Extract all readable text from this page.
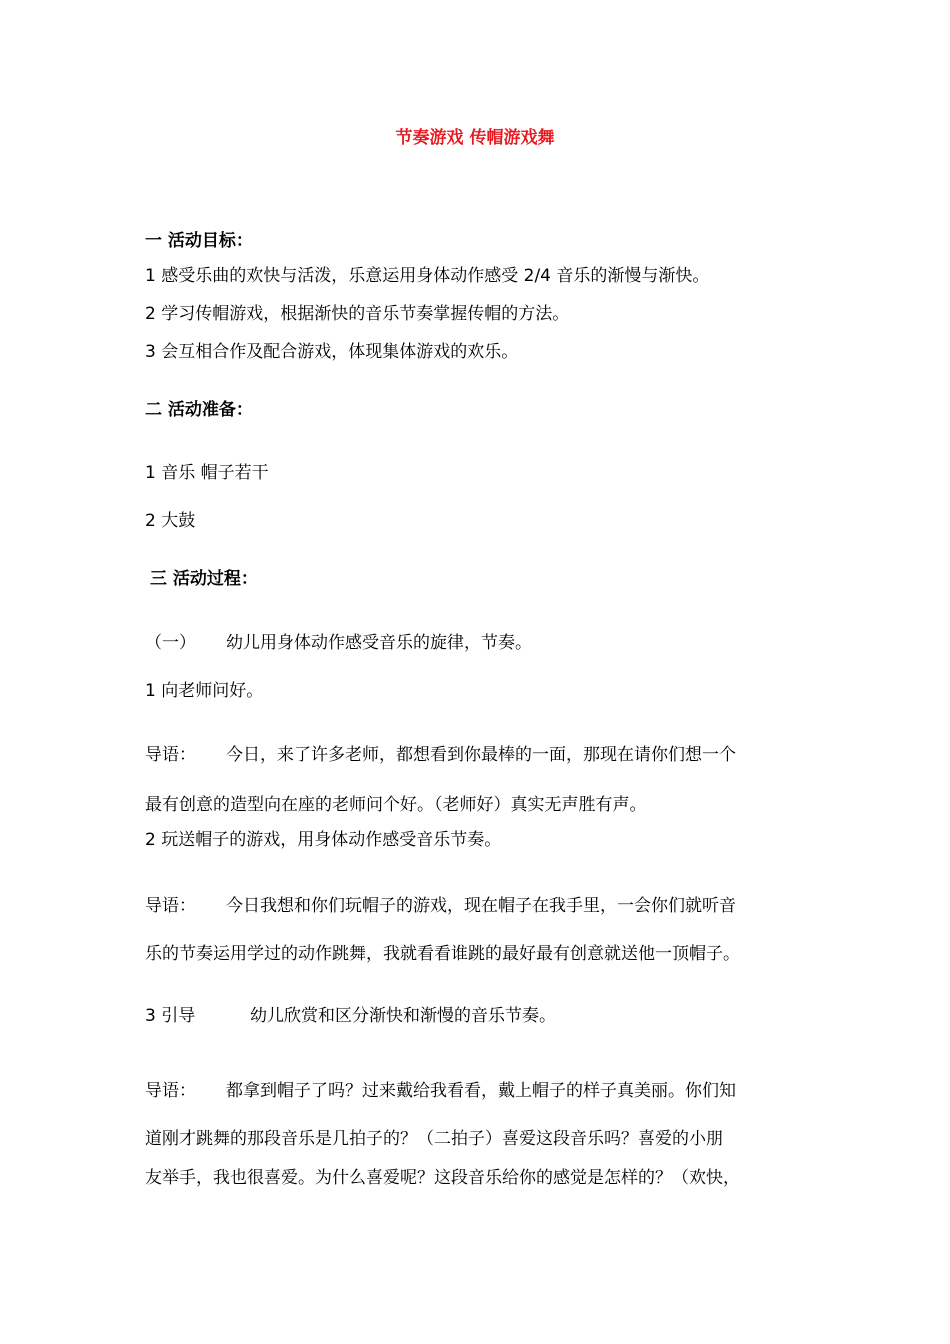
节奏游戏 传帽游戏舞
一 活动目标：
1 感受乐曲的欢快与活泼，乐意运用身体动作感受 2/4 音乐的渐慢与渐快。
2 学习传帽游戏，根据渐快的音乐节奏掌握传帽的方法。
3 会互相合作及配合游戏，体现集体游戏的欢乐。
二 活动准备：
1 音乐 帽子若干
2 大鼓
三 活动过程：
（一） 幼儿用身体动作感受音乐的旋律，节奏。
1 向老师问好。
导语： 今日，来了许多老师，都想看到你最棒的一面，那现在请你们想一个
最有创意的造型向在座的老师问个好。（老师好）真实无声胜有声。
2 玩送帽子的游戏，用身体动作感受音乐节奏。
导语： 今日我想和你们玩帽子的游戏，现在帽子在我手里，一会你们就听音
乐的节奏运用学过的动作跳舞，我就看看谁跳的最好最有创意就送他一顶帽子。
3 引导	幼儿欣赏和区分渐快和渐慢的音乐节奏。
导语： 都拿到帽子了吗？过来戴给我看看，戴上帽子的样子真美丽。你们知
道刚才跳舞的那段音乐是几拍子的？（二拍子）喜爱这段音乐吗？喜爱的小朋
友举手，我也很喜爱。为什么喜爱呢？这段音乐给你的感觉是怎样的？（欢快，
